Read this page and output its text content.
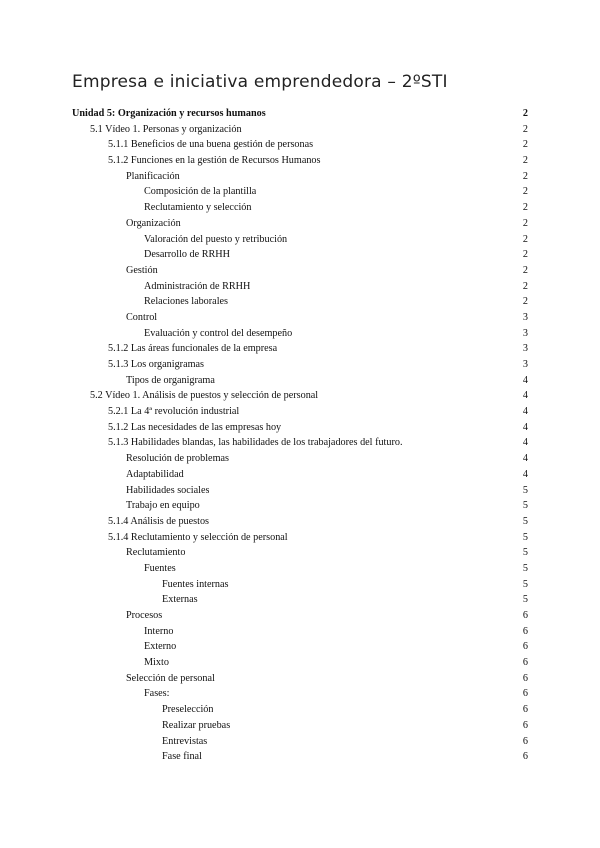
Empresa e iniciativa emprendedora – 2ºSTI
Unidad 5: Organización y recursos humanos	2
5.1 Vídeo 1. Personas y organización	2
5.1.1 Beneficios de una buena gestión de personas	2
5.1.2 Funciones en la gestión de Recursos Humanos	2
Planificación	2
Composición de la plantilla	2
Reclutamiento y selección	2
Organización	2
Valoración del puesto y retribución	2
Desarrollo de RRHH	2
Gestión	2
Administración de RRHH	2
Relaciones laborales	2
Control	3
Evaluación y control del desempeño	3
5.1.2 Las áreas funcionales de la empresa	3
5.1.3 Los organigramas	3
Tipos de organigrama	4
5.2 Vídeo 1. Análisis de puestos y selección de personal	4
5.2.1 La 4ª revolución industrial	4
5.1.2 Las necesidades de las empresas hoy	4
5.1.3 Habilidades blandas, las habilidades de los trabajadores del futuro.	4
Resolución de problemas	4
Adaptabilidad	4
Habilidades sociales	5
Trabajo en equipo	5
5.1.4 Análisis de puestos	5
5.1.4 Reclutamiento y selección de personal	5
Reclutamiento	5
Fuentes	5
Fuentes internas	5
Externas	5
Procesos	6
Interno	6
Externo	6
Mixto	6
Selección de personal	6
Fases:	6
Preselección	6
Realizar pruebas	6
Entrevistas	6
Fase final	6
